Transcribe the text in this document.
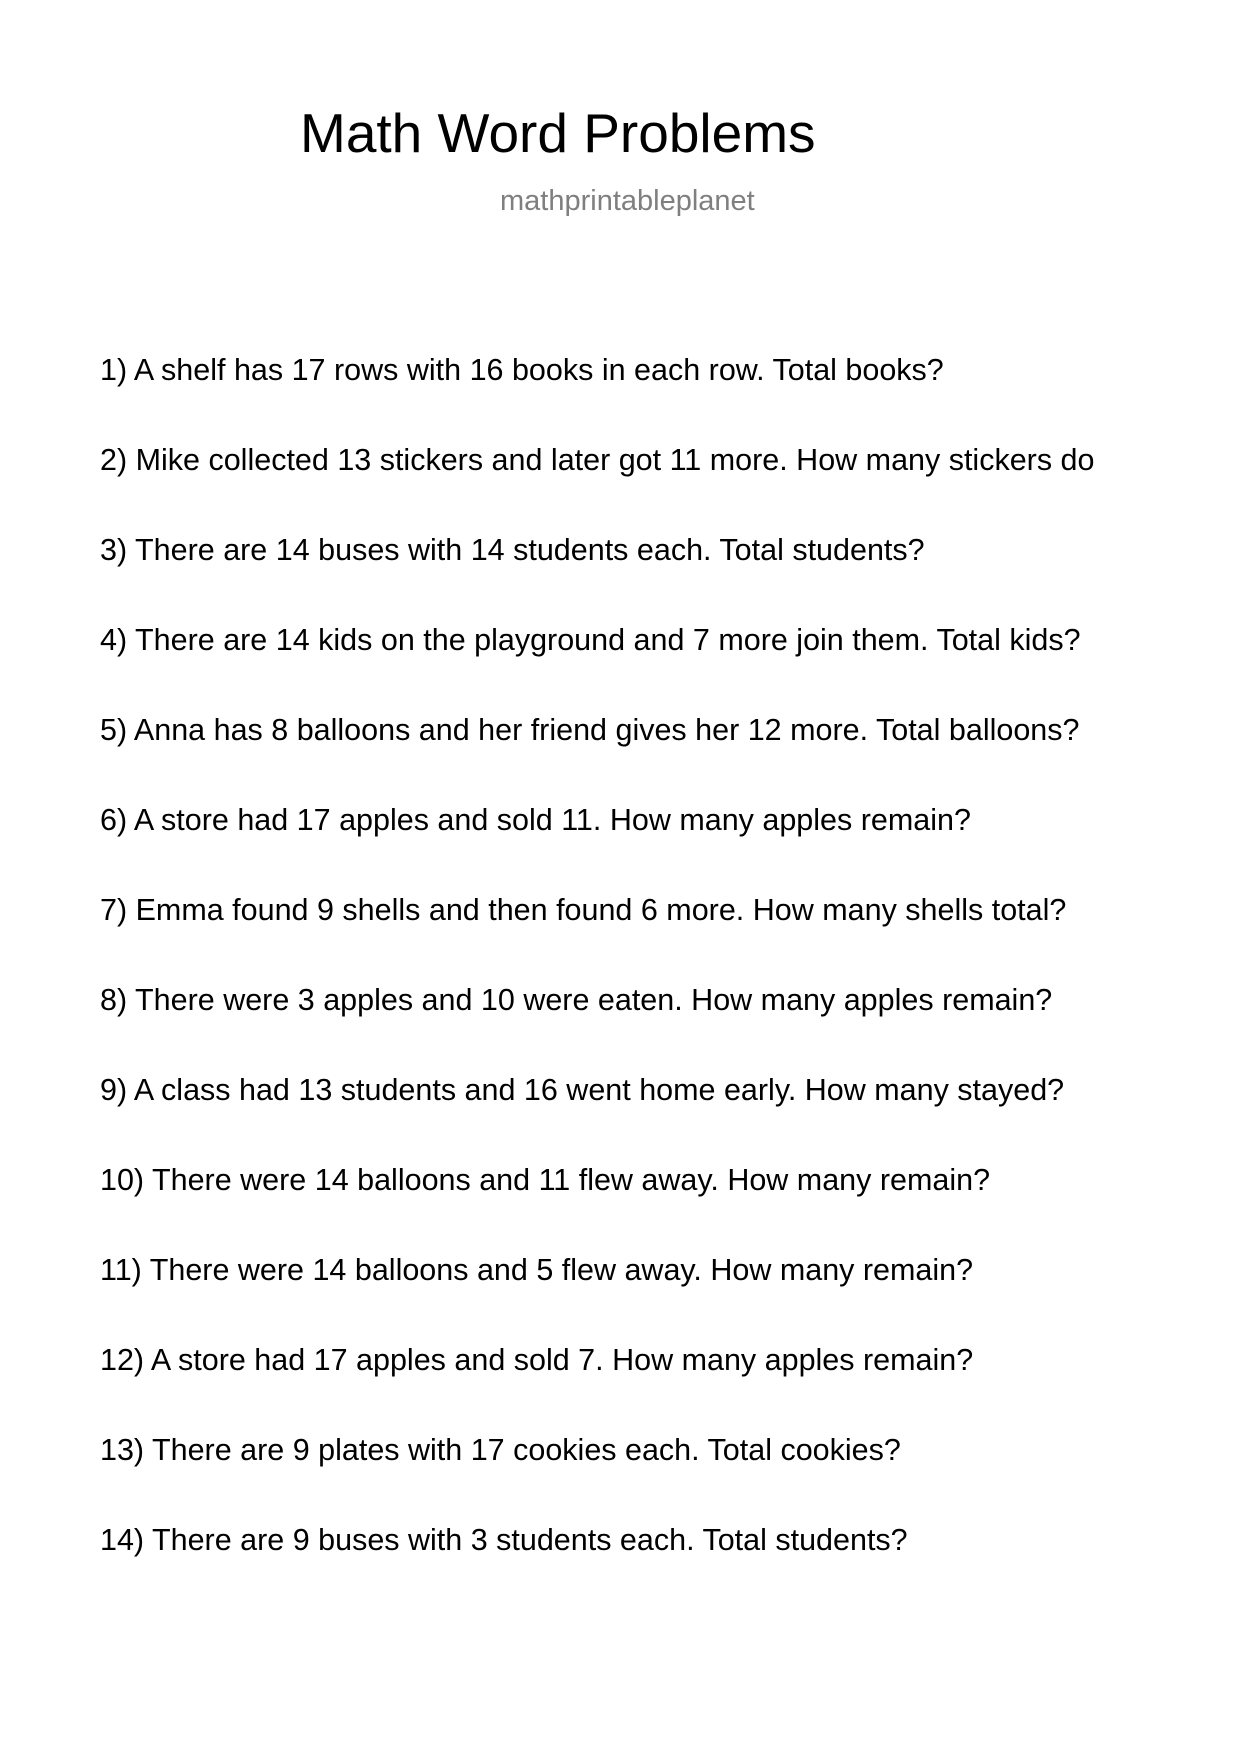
Math Word Problems
mathprintableplanet
1) A shelf has 17 rows with 16 books in each row. Total books?
2) Mike collected 13 stickers and later got 11 more. How many stickers do
3) There are 14 buses with 14 students each. Total students?
4) There are 14 kids on the playground and 7 more join them. Total kids?
5) Anna has 8 balloons and her friend gives her 12 more. Total balloons?
6) A store had 17 apples and sold 11. How many apples remain?
7) Emma found 9 shells and then found 6 more. How many shells total?
8) There were 3 apples and 10 were eaten. How many apples remain?
9) A class had 13 students and 16 went home early. How many stayed?
10) There were 14 balloons and 11 flew away. How many remain?
11) There were 14 balloons and 5 flew away. How many remain?
12) A store had 17 apples and sold 7. How many apples remain?
13) There are 9 plates with 17 cookies each. Total cookies?
14) There are 9 buses with 3 students each. Total students?
